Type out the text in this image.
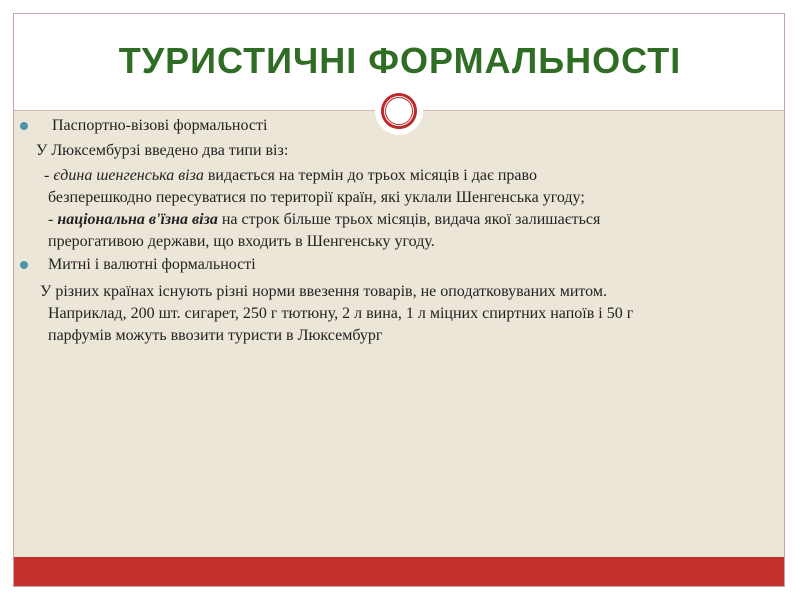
ТУРИСТИЧНІ ФОРМАЛЬНОСТІ
Паспортно-візові формальності
У Люксембурзі введено два типи віз:
- єдина шенгенська віза видається на термін до трьох місяців і дає право
безперешкодно пересуватися по території країн, які уклали Шенгенська угоду;
- національна в'їзна віза на строк більше трьох місяців, видача якої залишається
прерогативою держави, що входить в Шенгенську угоду.
Митні і валютні формальності
У різних країнах існують різні норми ввезення товарів, не оподатковуваних митом.
Наприклад, 200 шт. сигарет, 250 г тютюну, 2 л вина, 1 л міцних спиртних напоїв і 50 г
парфумів можуть ввозити туристи в Люксембург
